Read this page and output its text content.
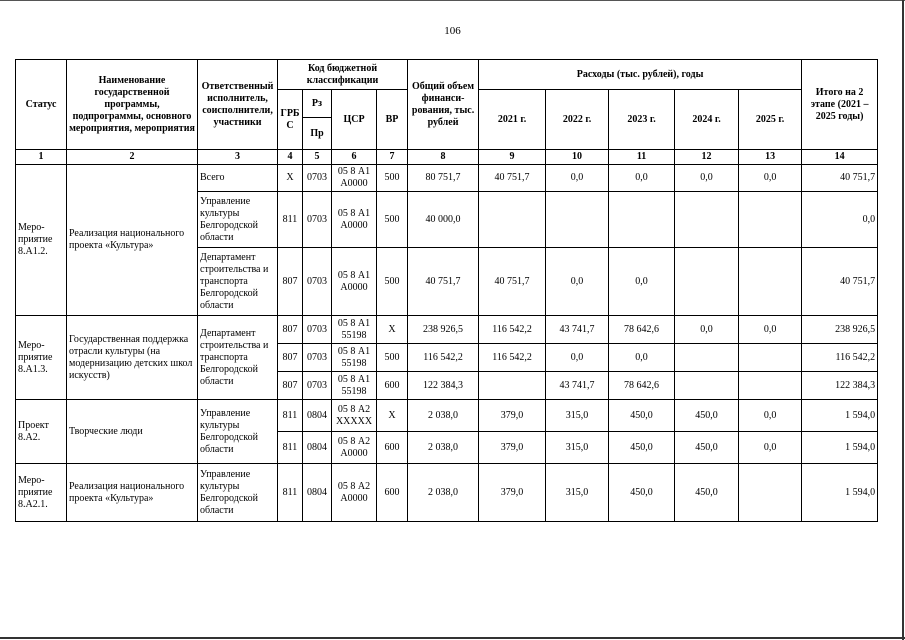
106
Статус	Наименование государственной программы, подпрограммы, основного мероприятия, мероприятия	Ответственный исполнитель, соисполнители, участники	Код бюджетной классификации				Общий объем финанси-рования, тыс. рублей	Расходы (тыс. рублей), годы					Итого на 2 этапе (2021 – 2025 годы)
			ГРБ С	Рз	ЦСР	ВР		2021 г.	2022 г.	2023 г.	2024 г.	2025 г.	
				Пр									
1	2	3	4	5	6	7	8	9	10	11	12	13	14
Меро-приятие 8.А1.2.	Реализация национального проекта «Культура»	Всего	Х	0703	05 8 А1 А0000	500	80 751,7	40 751,7	0,0	0,0	0,0	0,0	40 751,7
		Управление культуры Белгородской области	811	0703	05 8 А1 А0000	500	40 000,0						0,0
		Департамент строительства и транспорта Белгородской области	807	0703	05 8 А1 А0000	500	40 751,7	40 751,7	0,0	0,0			40 751,7
Меро-приятие 8.А1.3.	Государственная поддержка отрасли культуры (на модернизацию детских школ искусств)	Департамент строительства и транспорта Белгородской области	807	0703	05 8 А1 55198	Х	238 926,5	116 542,2	43 741,7	78 642,6	0,0	0,0	238 926,5
			807	0703	05 8 А1 55198	500	116 542,2	116 542,2	0,0	0,0			116 542,2
			807	0703	05 8 А1 55198	600	122 384,3		43 741,7	78 642,6			122 384,3
Проект 8.А2.	Творческие люди	Управление культуры Белгородской области	811	0804	05 8 А2 ХХХХХ	Х	2 038,0	379,0	315,0	450,0	450,0	0,0	1 594,0
			811	0804	05 8 А2 А0000	600	2 038,0	379,0	315,0	450,0	450,0	0,0	1 594,0
Меро-приятие 8.А2.1.	Реализация национального проекта «Культура»	Управление культуры Белгородской области	811	0804	05 8 А2 А0000	600	2 038,0	379,0	315,0	450,0	450,0		1 594,0
